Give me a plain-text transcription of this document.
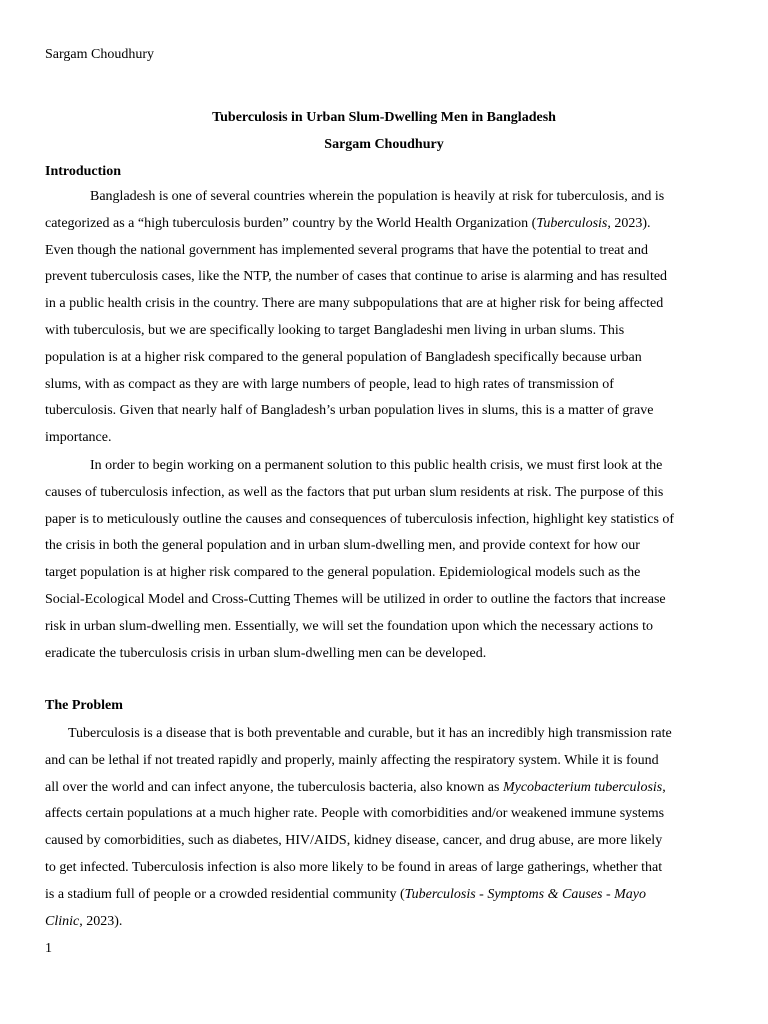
Sargam Choudhury
Tuberculosis in Urban Slum-Dwelling Men in Bangladesh
Sargam Choudhury
Introduction
Bangladesh is one of several countries wherein the population is heavily at risk for tuberculosis, and is
categorized as a “high tuberculosis burden” country by the World Health Organization (Tuberculosis, 2023).
Even though the national government has implemented several programs that have the potential to treat and
prevent tuberculosis cases, like the NTP, the number of cases that continue to arise is alarming and has resulted
in a public health crisis in the country. There are many subpopulations that are at higher risk for being affected
with tuberculosis, but we are specifically looking to target Bangladeshi men living in urban slums. This
population is at a higher risk compared to the general population of Bangladesh specifically because urban
slums, with as compact as they are with large numbers of people, lead to high rates of transmission of
tuberculosis. Given that nearly half of Bangladesh’s urban population lives in slums, this is a matter of grave
importance.
In order to begin working on a permanent solution to this public health crisis, we must first look at the
causes of tuberculosis infection, as well as the factors that put urban slum residents at risk. The purpose of this
paper is to meticulously outline the causes and consequences of tuberculosis infection, highlight key statistics of
the crisis in both the general population and in urban slum-dwelling men, and provide context for how our
target population is at higher risk compared to the general population. Epidemiological models such as the
Social-Ecological Model and Cross-Cutting Themes will be utilized in order to outline the factors that increase
risk in urban slum-dwelling men. Essentially, we will set the foundation upon which the necessary actions to
eradicate the tuberculosis crisis in urban slum-dwelling men can be developed.
The Problem
Tuberculosis is a disease that is both preventable and curable, but it has an incredibly high transmission rate
and can be lethal if not treated rapidly and properly, mainly affecting the respiratory system. While it is found
all over the world and can infect anyone, the tuberculosis bacteria, also known as Mycobacterium tuberculosis,
affects certain populations at a much higher rate. People with comorbidities and/or weakened immune systems
caused by comorbidities, such as diabetes, HIV/AIDS, kidney disease, cancer, and drug abuse, are more likely
to get infected. Tuberculosis infection is also more likely to be found in areas of large gatherings, whether that
is a stadium full of people or a crowded residential community (Tuberculosis - Symptoms & Causes - Mayo
Clinic, 2023).
1
